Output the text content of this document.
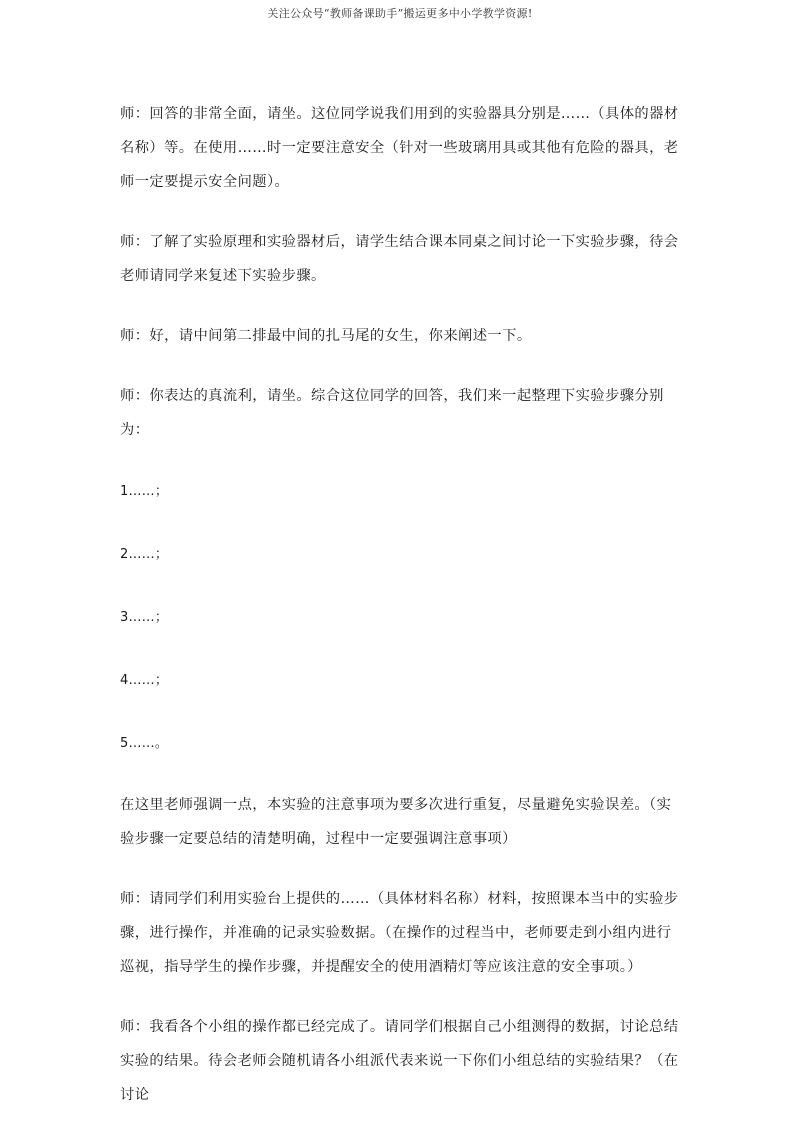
关注公众号“教师备课助手”搬运更多中小学教学资源!

师：回答的非常全面，请坐。这位同学说我们用到的实验器具分别是……（具体的器材名称）等。在使用……时一定要注意安全（针对一些玻璃用具或其他有危险的器具，老师一定要提示安全问题）。

师：了解了实验原理和实验器材后，请学生结合课本同桌之间讨论一下实验步骤，待会老师请同学来复述下实验步骤。

师：好，请中间第二排最中间的扎马尾的女生，你来阐述一下。

师：你表达的真流利，请坐。综合这位同学的回答，我们来一起整理下实验步骤分别为：

1……；

2……；

3……；

4……；

5……。

在这里老师强调一点，本实验的注意事项为要多次进行重复，尽量避免实验误差。（实验步骤一定要总结的清楚明确，过程中一定要强调注意事项）

师：请同学们利用实验台上提供的……（具体材料名称）材料，按照课本当中的实验步骤，进行操作，并准确的记录实验数据。（在操作的过程当中，老师要走到小组内进行巡视，指导学生的操作步骤，并提醒安全的使用酒精灯等应该注意的安全事项。）

师：我看各个小组的操作都已经完成了。请同学们根据自己小组测得的数据，讨论总结实验的结果。待会老师会随机请各小组派代表来说一下你们小组总结的实验结果？（在讨论
